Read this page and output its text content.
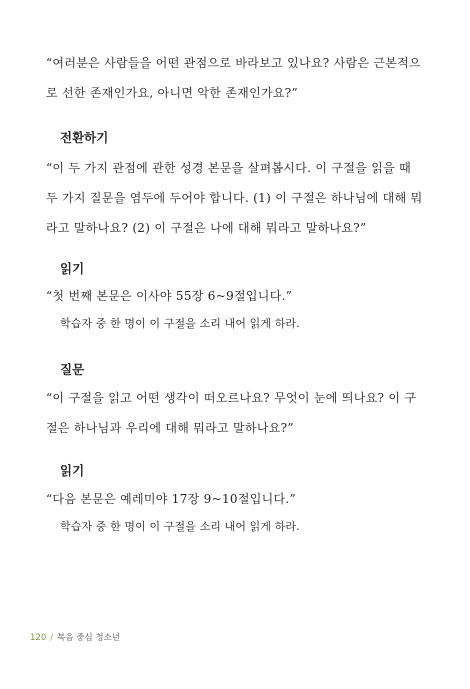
“여러분은 사람들을 어떤 관점으로 바라보고 있나요? 사람은 근본적으로 선한 존재인가요, 아니면 악한 존재인가요?”

전환하기

“이 두 가지 관점에 관한 성경 본문을 살펴봅시다. 이 구절을 읽을 때 두 가지 질문을 염두에 두어야 합니다. (1) 이 구절은 하나님에 대해 뭐라고 말하나요? (2) 이 구절은 나에 대해 뭐라고 말하나요?”

읽기

“첫 번째 본문은 이사야 55장 6~9절입니다.”

학습자 중 한 명이 이 구절을 소리 내어 읽게 하라.

질문

“이 구절을 읽고 어떤 생각이 떠오르나요? 무엇이 눈에 띄나요? 이 구절은 하나님과 우리에 대해 뭐라고 말하나요?”

읽기

“다음 본문은 예레미야 17장 9~10절입니다.”

학습자 중 한 명이 이 구절을 소리 내어 읽게 하라.

120 / 복음 중심 청소년
